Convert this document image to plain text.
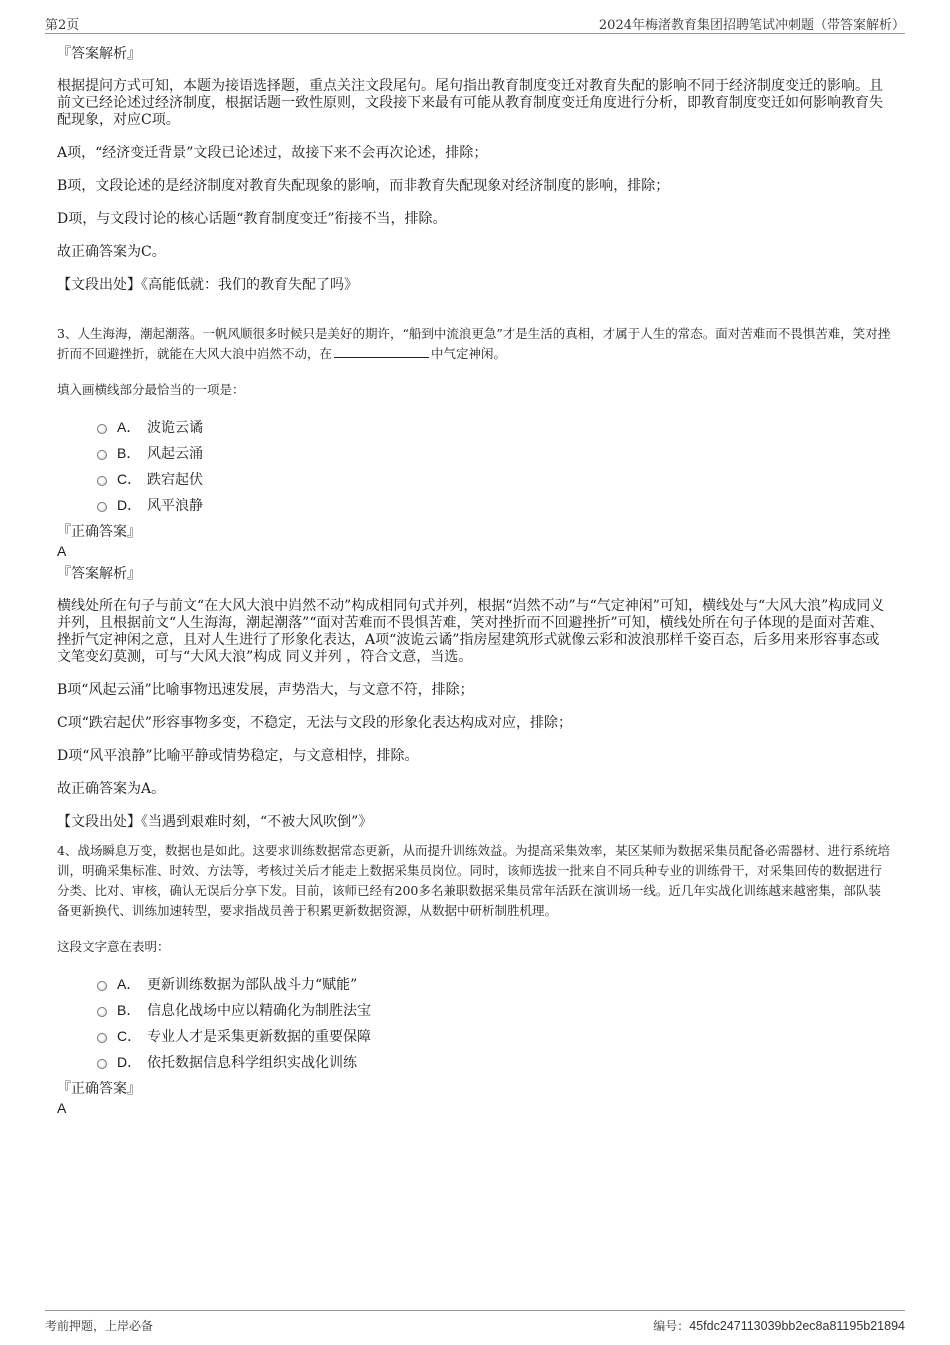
第2页	2024年梅渚教育集团招聘笔试冲刺题（带答案解析）
『答案解析』
根据提问方式可知，本题为接语选择题，重点关注文段尾句。尾句指出教育制度变迁对教育失配的影响不同于经济制度变迁的影响。且前文已经论述过经济制度，根据话题一致性原则，文段接下来最有可能从教育制度变迁角度进行分析，即教育制度变迁如何影响教育失配现象，对应C项。
A项，“经济变迁背景”文段已论述过，故接下来不会再次论述，排除；
B项，文段论述的是经济制度对教育失配现象的影响，而非教育失配现象对经济制度的影响，排除；
D项，与文段讨论的核心话题“教育制度变迁”衔接不当，排除。
故正确答案为C。
【文段出处】《高能低就：我们的教育失配了吗》
3、人生海海，潮起潮落。一帆风顺很多时候只是美好的期许，“船到中流浪更急”才是生活的真相，才属于人生的常态。面对苦难而不畏惧苦难，笑对挫折而不回避挫折，就能在大风大浪中岿然不动，在	中气定神闲。
填入画横线部分最恰当的一项是：
A． 波诡云谲
B． 风起云涌
C． 跌宕起伏
D． 风平浪静
『正确答案』
A
『答案解析』
横线处所在句子与前文“在大风大浪中岿然不动”构成相同句式并列，根据“岿然不动”与“气定神闲”可知，横线处与“大风大浪”构成同义并列，且根据前文“人生海海，潮起潮落”“面对苦难而不畏惧苦难，笑对挫折而不回避挫折”可知，横线处所在句子体现的是面对苦难、挫折气定神闲之意，且对人生进行了形象化表达，A项“波诡云谲”指房屋建筑形式就像云彩和波浪那样千姿百态，后多用来形容事态或文笔变幻莫测，可与“大风大浪”构成 同义并列 ，符合文意，当选。
B项“风起云涌”比喻事物迅速发展，声势浩大，与文意不符，排除；
C项“跌宕起伏”形容事物多变，不稳定，无法与文段的形象化表达构成对应，排除；
D项“风平浪静”比喻平静或情势稳定，与文意相悖，排除。
故正确答案为A。
【文段出处】《当遇到艰难时刻，“不被大风吹倒”》
4、战场瞬息万变，数据也是如此。这要求训练数据常态更新，从而提升训练效益。为提高采集效率，某区某师为数据采集员配备必需器材、进行系统培训，明确采集标准、时效、方法等，考核过关后才能走上数据采集员岗位。同时，该师选拔一批来自不同兵种专业的训练骨干，对采集回传的数据进行分类、比对、审核，确认无误后分享下发。目前，该师已经有200多名兼职数据采集员常年活跃在演训场一线。近几年实战化训练越来越密集，部队装备更新换代、训练加速转型，要求指战员善于积累更新数据资源，从数据中研析制胜机理。
这段文字意在表明：
A． 更新训练数据为部队战斗力“赋能”
B． 信息化战场中应以精确化为制胜法宝
C． 专业人才是采集更新数据的重要保障
D． 依托数据信息科学组织实战化训练
『正确答案』
A
考前押题，上岸必备	编号：45fdc247113039bb2ec8a81195b21894
